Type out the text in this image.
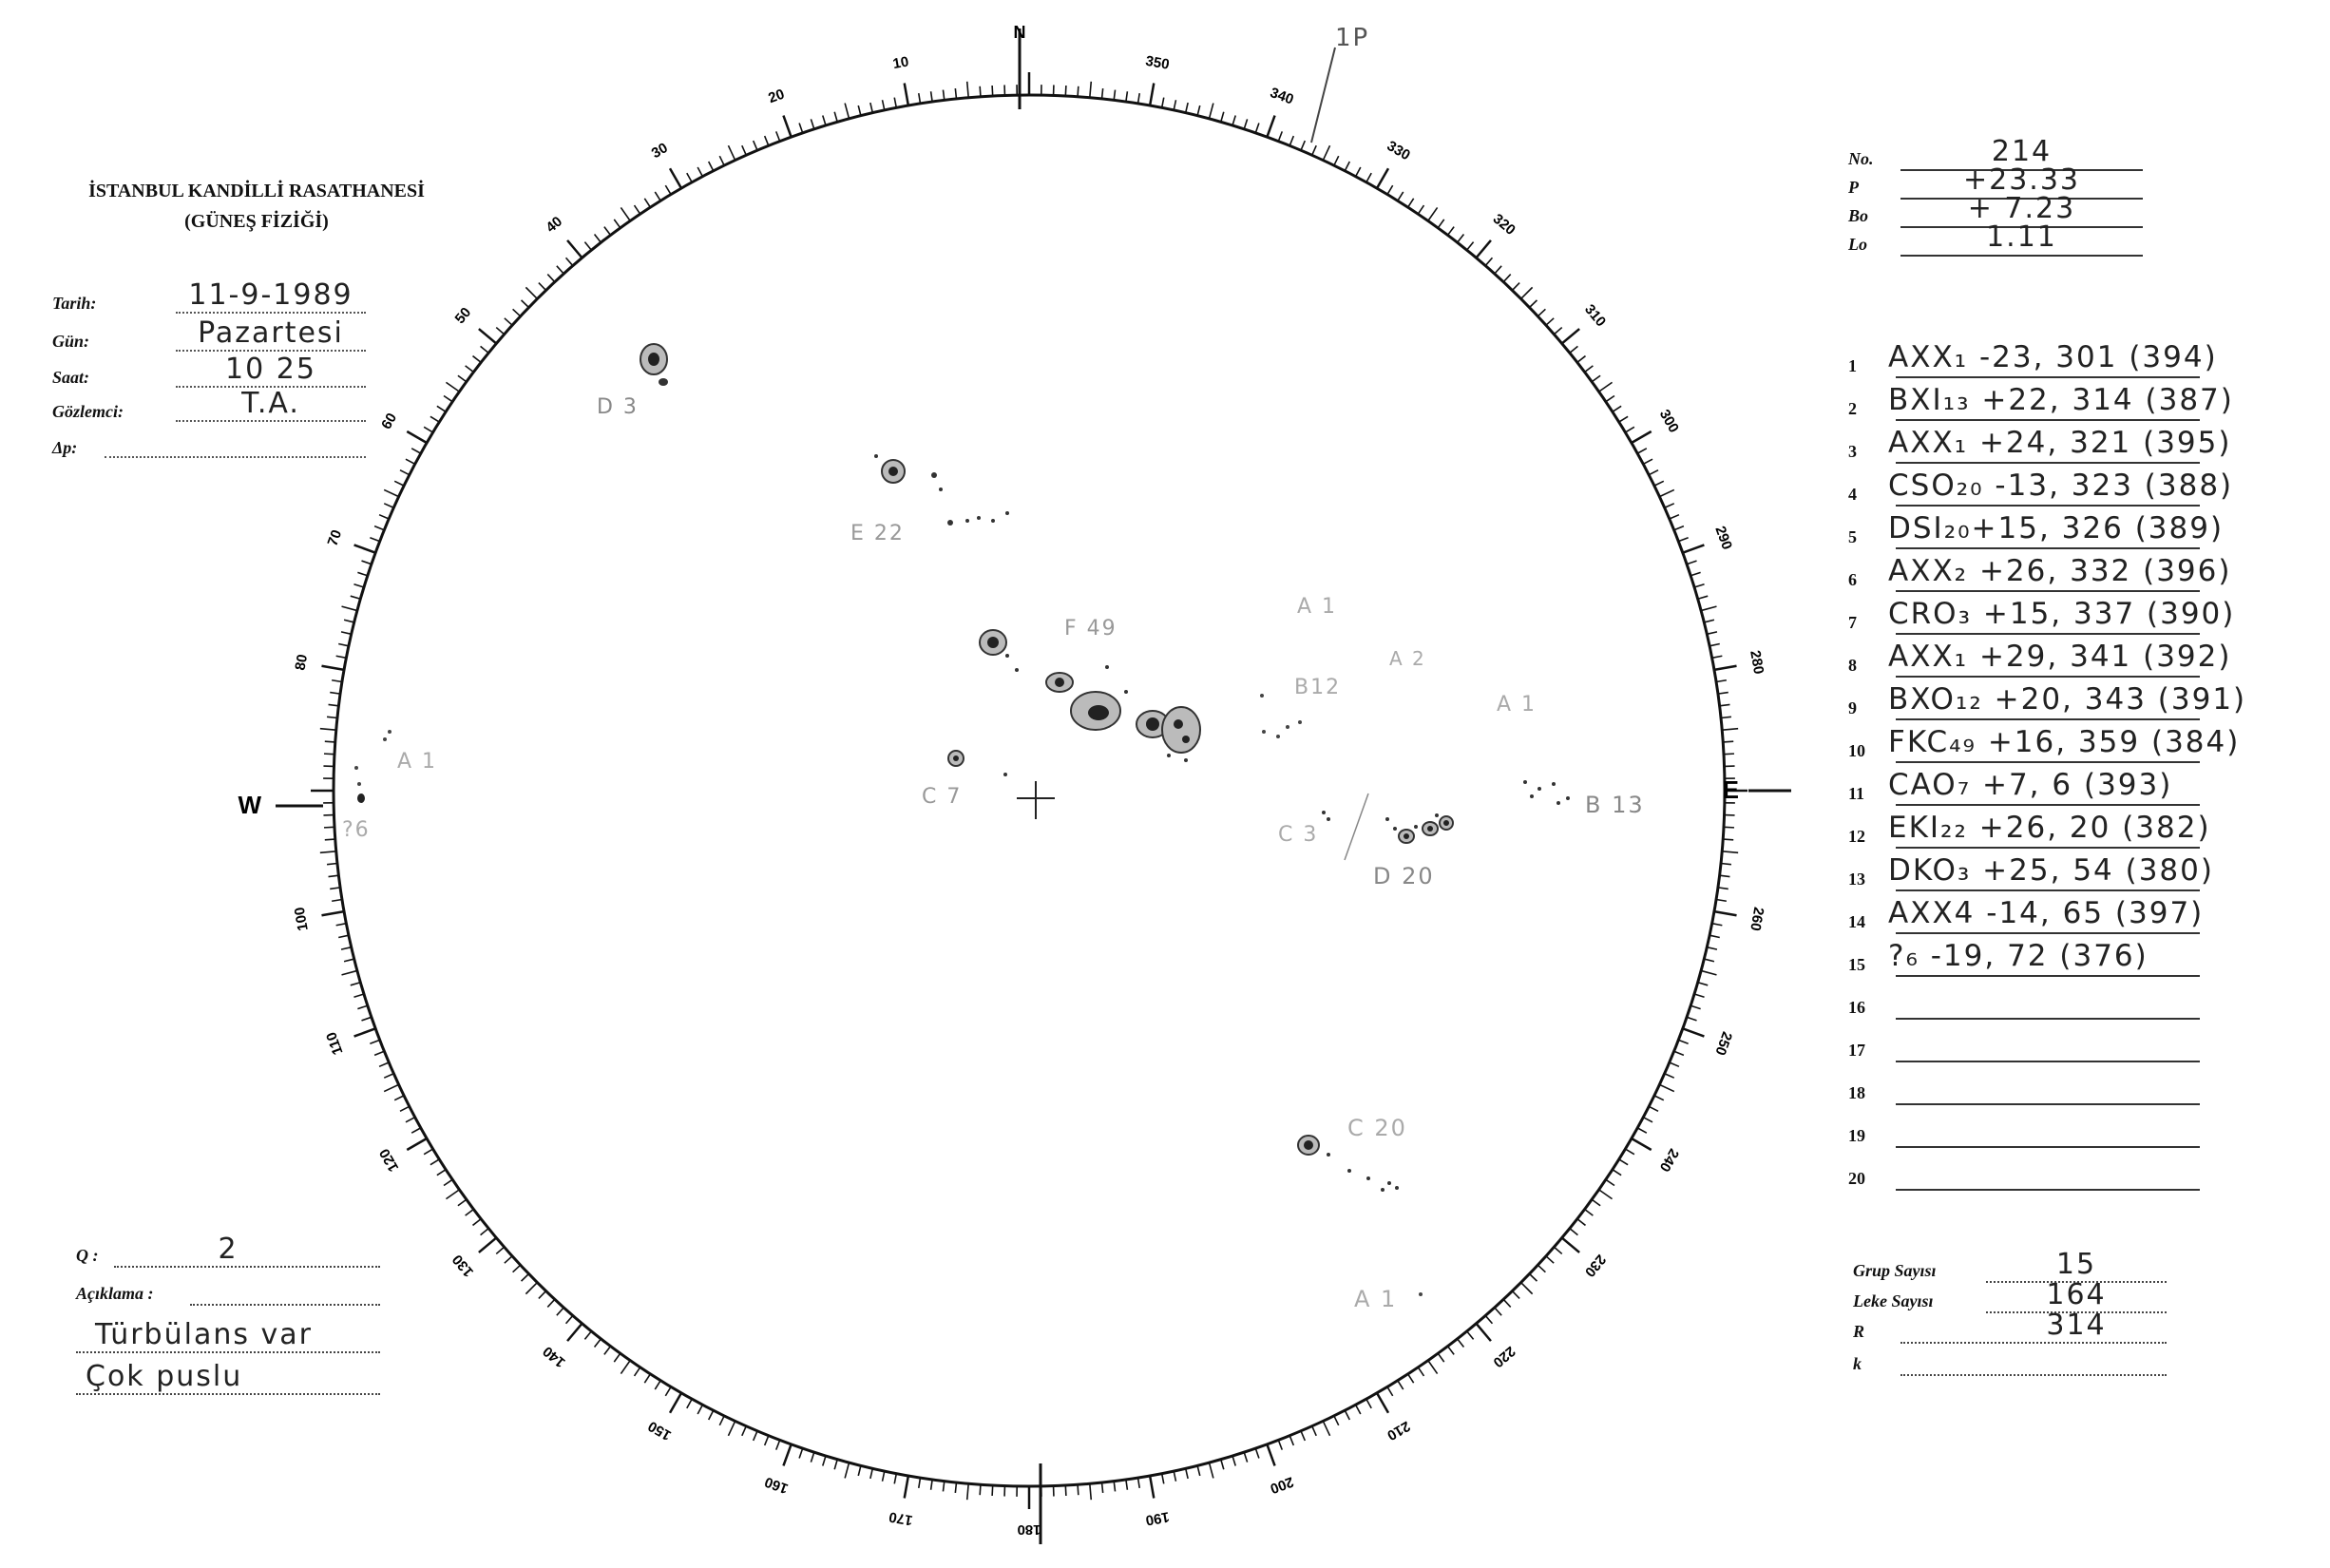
İSTANBUL KANDİLLİ RASATHANESİ
(GÜNEŞ FİZİĞİ)
Tarih:	11-9-1989
Gün:	Pazartesi
Saat:	10 25
Gözlemci:	T.A.
Δp:
No.	214
P	+23.33
Bo	+ 7.23
Lo	1.11
1 AXX₁ -23, 301 (394)
2 BXI₁₃ +22, 314 (387)
3 AXX₁ +24, 321 (395)
4 CSO₂₀ -13, 323 (388)
5 DSI₂₀+15, 326 (389)
6 AXX₂ +26, 332 (396)
7 CRO₃ +15, 337 (390)
8 AXX₁ +29, 341 (392)
9 BXO₁₂ +20, 343 (391)
10 FKC₄₉ +16, 359 (384)
11 CAO₇ +7, 6 (393)
12 EKI₂₂ +26, 20 (382)
13 DKO₃ +25, 54 (380)
14 AXX4 -14, 65 (397)
15 ?₆ -19, 72 (376)
16
17
18
19
20
Grup Sayısı	15
Leke Sayısı	164
R	314
k
Q :	2
Açıklama :
Türbülans var
Çok puslu
10
20
30
40
50
60
70
80
100
110
120
130
140
150
160
170
180
190
200
210
220
230
240
250
260
280
290
300
310
320
330
340
350
N
W
E
1P
D 3
E 22
F 49
C 7
B12
A 1
A 2
A 1
B 13
C 3
D 20
A 1
?6
C 20
A 1
